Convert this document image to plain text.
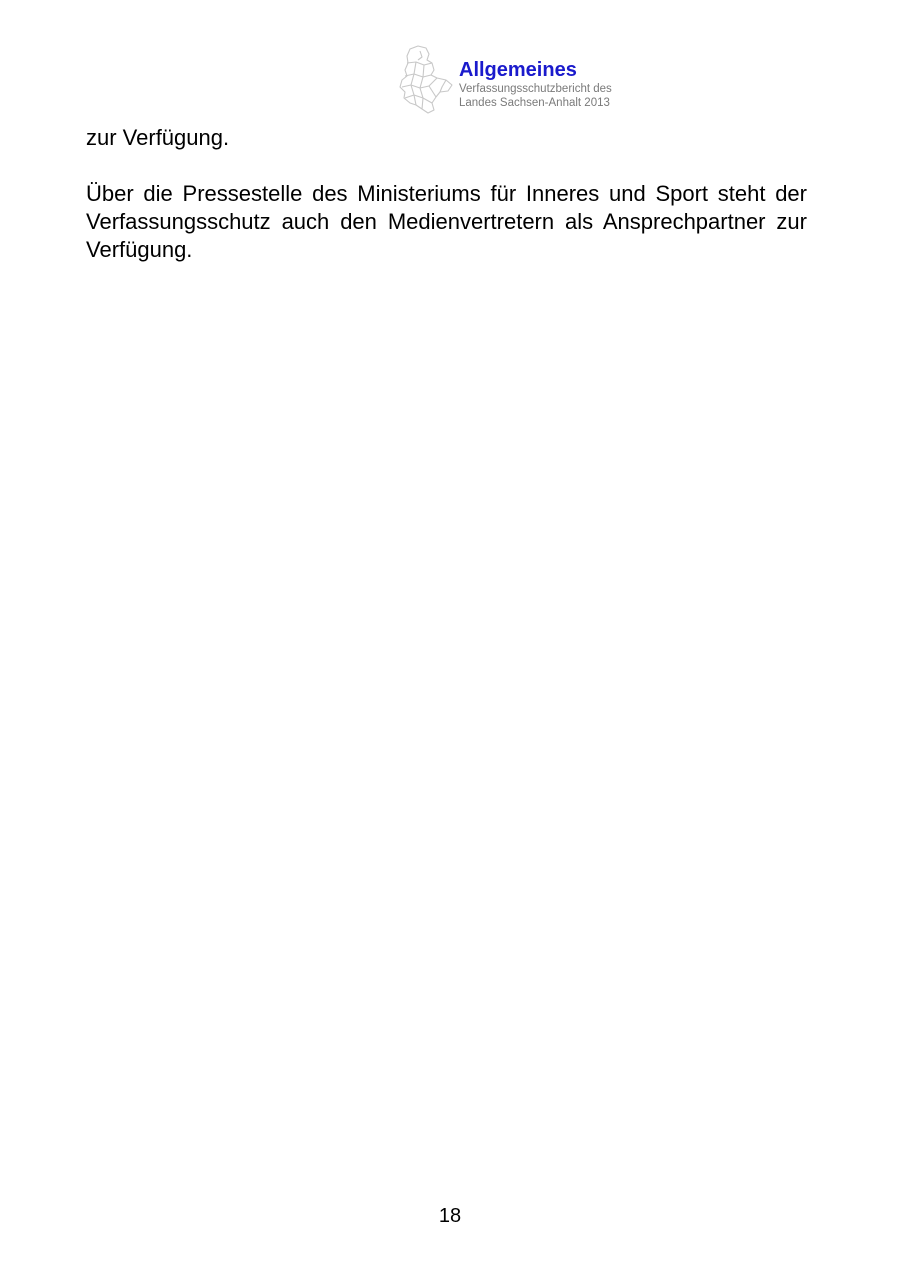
Allgemeines
Verfassungsschutzbericht des
Landes Sachsen-Anhalt 2013

zur Verfügung.

Über die Pressestelle des Ministeriums für Inneres und Sport steht der Verfassungsschutz auch den Medienvertretern als Ansprechpartner zur Verfügung.

18
